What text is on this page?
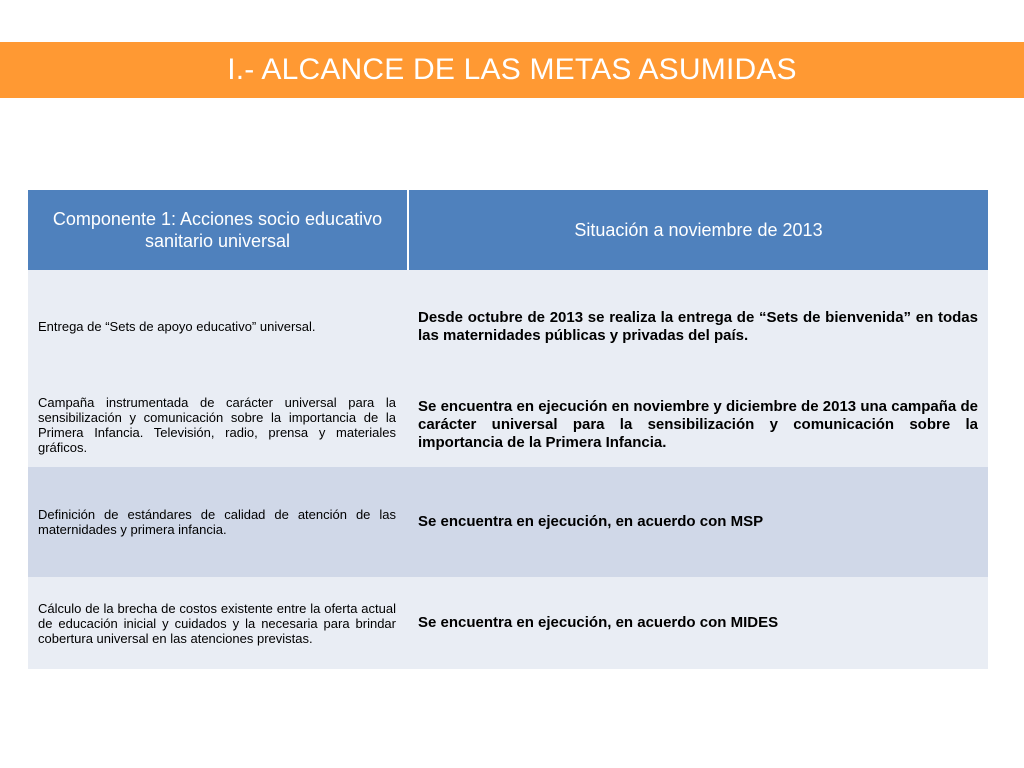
I.- ALCANCE DE LAS METAS ASUMIDAS
Componente 1: Acciones socio educativo sanitario universal	Situación a noviembre de 2013
Entrega de “Sets de apoyo educativo” universal.	Desde octubre de 2013 se realiza la entrega de “Sets de bienvenida” en todas las maternidades públicas y privadas del país.
Campaña instrumentada de carácter universal para la sensibilización y comunicación sobre la importancia de la Primera Infancia. Televisión, radio, prensa y materiales gráficos.	Se encuentra en ejecución en noviembre y diciembre de 2013 una campaña de carácter universal para la sensibilización y comunicación sobre la importancia de la Primera Infancia.
Definición de estándares de calidad de atención de las maternidades y primera infancia.	Se encuentra en ejecución, en acuerdo con MSP
Cálculo de la brecha de costos existente entre la oferta actual de educación inicial y cuidados y la necesaria para brindar cobertura universal en las atenciones previstas.	Se encuentra en ejecución, en acuerdo con MIDES
